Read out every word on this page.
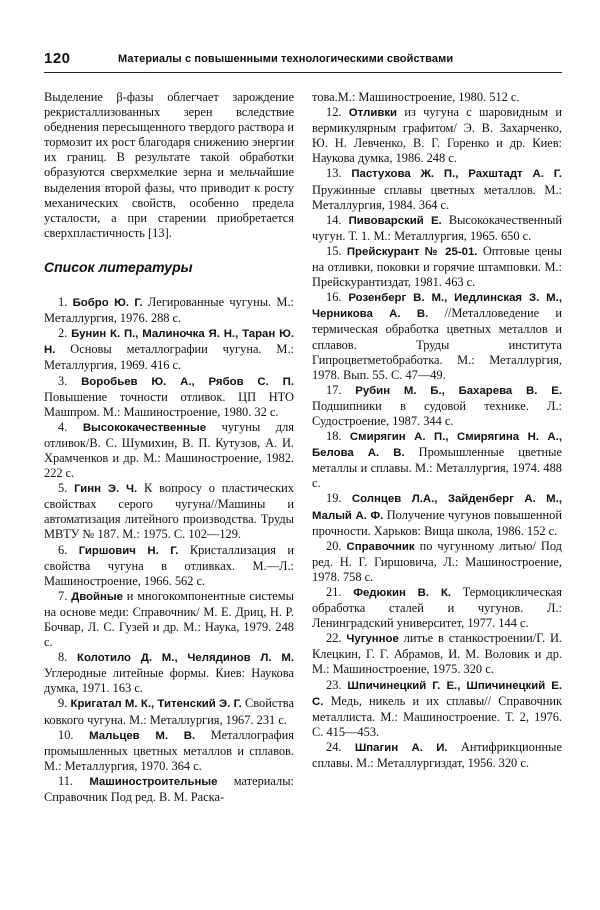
120	Материалы с повышенными технологическими свойствами

Выделение β-фазы облегчает зарождение рекристаллизованных зерен вследствие обеднения пересыщенного твердого раствора и тормозит их рост благодаря снижению энергии их границ. В результате такой обработки образуются сверхмелкие зерна и мельчайшие выделения второй фазы, что приводит к росту механических свойств, особенно предела усталости, а при старении приобретается сверхпластичность [13].

Список литературы

1. Бобро Ю. Г. Легированные чугуны. М.: Металлургия, 1976. 288 с.

2. Бунин К. П., Малиночка Я. Н., Таран Ю. Н. Основы металлографии чугуна. М.: Металлургия, 1969. 416 с.

3. Воробьев Ю. А., Рябов С. П. Повышение точности отливок. ЦП НТО Машпром. М.: Машиностроение, 1980. 32 с.

4. Высококачественные чугуны для отливок/В. С. Шумихин, В. П. Кутузов, А. И. Храмченков и др. М.: Машиностроение, 1982. 222 с.

5. Гинн Э. Ч. К вопросу о пластических свойствах серого чугуна//Машины и автоматизация литейного производства. Труды МВТУ № 187. М.: 1975. С. 102—129.

6. Гиршович Н. Г. Кристаллизация и свойства чугуна в отливках. М.—Л.: Машиностроение, 1966. 562 с.

7. Двойные и многокомпонентные системы на основе меди: Справочник/ М. Е. Дриц, Н. Р. Бочвар, Л. С. Гузей и др. М.: Наука, 1979. 248 с.

8. Колотило Д. М., Челядинов Л. М. Углеродные литейные формы. Киев: Наукова думка, 1971. 163 с.

9. Кригатал М. К., Титенский Э. Г. Свойства ковкого чугуна. М.: Металлургия, 1967. 231 с.

10. Мальцев М. В. Металлография промышленных цветных металлов и сплавов. М.: Металлургия, 1970. 364 с.

11. Машиностроительные материалы: Справочник Под ред. В. М. Раска-

това.М.: Машиностроение, 1980. 512 с.

12. Отливки из чугуна с шаровидным и вермикулярным графитом/ Э. В. Захарченко, Ю. Н. Левченко, В. Г. Горенко и др. Киев: Наукова думка, 1986. 248 с.

13. Пастухова Ж. П., Рахштадт А. Г. Пружинные сплавы цветных металлов. М.: Металлургия, 1984. 364 с.

14. Пивоварский Е. Высококачественный чугун. Т. 1. М.: Металлургия, 1965. 650 с.

15. Прейскурант № 25-01. Оптовые цены на отливки, поковки и горячие штамповки. М.: Прейскурантиздат, 1981. 463 с.

16. Розенберг В. М., Иедлинская З. М., Черникова А. В. //Металловедение и термическая обработка цветных металлов и сплавов. Труды института Гипроцветметобработка. М.: Металлургия, 1978. Вып. 55. С. 47—49.

17. Рубин М. Б., Бахарева В. Е. Подшипники в судовой технике. Л.: Судостроение, 1987. 344 с.

18. Смирягин А. П., Смирягина Н. А., Белова А. В. Промышленные цветные металлы и сплавы. М.: Металлургия, 1974. 488 с.

19. Солнцев Л.А., Зайденберг А. М., Малый А. Ф. Получение чугунов повышенной прочности. Харьков: Вища школа, 1986. 152 с.

20. Справочник по чугунному литью/ Под ред. Н. Г. Гиршовича, Л.: Машиностроение, 1978. 758 с.

21. Федюкин В. К. Термоциклическая обработка сталей и чугунов. Л.: Ленинградский университет, 1977. 144 с.

22. Чугунное литье в станкостроении/Г. И. Клецкин, Г. Г. Абрамов, И. М. Воловик и др. М.: Машиностроение, 1975. 320 с.

23. Шпичинецкий Г. Е., Шпичинецкий Е. С. Медь, никель и их сплавы// Справочник металлиста. М.: Машиностроение. Т. 2, 1976. С. 415—453.

24. Шпагин А. И. Антифрикционные сплавы. М.: Металлургиздат, 1956. 320 с.
